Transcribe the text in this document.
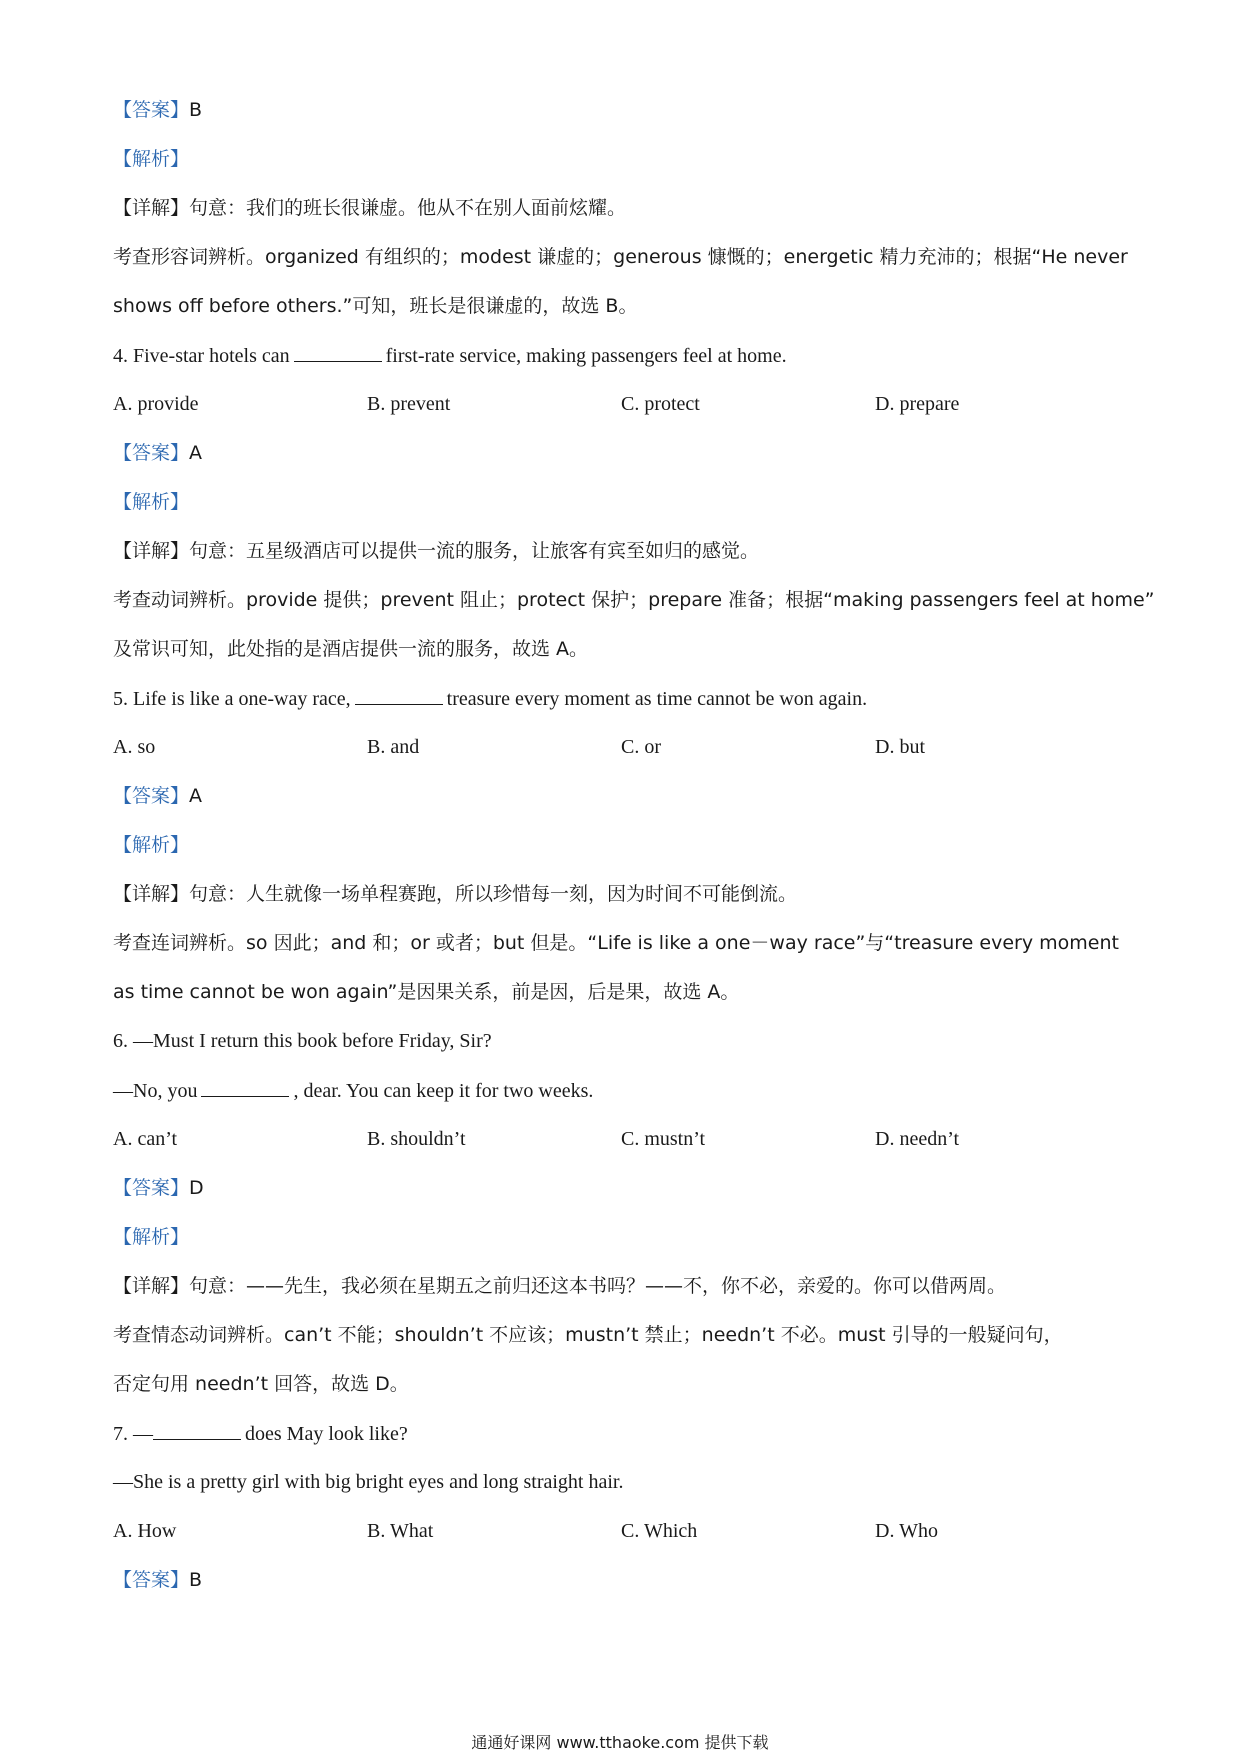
【答案】B
【解析】
【详解】句意：我们的班长很谦虚。他从不在别人面前炫耀。
考查形容词辨析。organized 有组织的；modest 谦虚的；generous 慷慨的；energetic 精力充沛的；根据“He never
shows off before others.”可知，班长是很谦虚的，故选 B。
4. Five-star hotels can	first-rate service, making passengers feel at home.
A. provide	B. prevent	C. protect	D. prepare
【答案】A
【解析】
【详解】句意：五星级酒店可以提供一流的服务，让旅客有宾至如归的感觉。
考查动词辨析。provide 提供；prevent 阻止；protect 保护；prepare 准备；根据“making passengers feel at home”
及常识可知，此处指的是酒店提供一流的服务，故选 A。
5. Life is like a one-way race,	treasure every moment as time cannot be won again.
A. so	B. and	C. or	D. but
【答案】A
【解析】
【详解】句意：人生就像一场单程赛跑，所以珍惜每一刻，因为时间不可能倒流。
考查连词辨析。so 因此；and 和；or 或者；but 但是。“Life is like a one－way race”与“treasure every moment
as time cannot be won again”是因果关系，前是因，后是果，故选 A。
6. —Must I return this book before Friday, Sir?
—No, you	, dear. You can keep it for two weeks.
A. can’t	B. shouldn’t	C. mustn’t	D. needn’t
【答案】D
【解析】
【详解】句意：——先生，我必须在星期五之前归还这本书吗？——不，你不必，亲爱的。你可以借两周。
考查情态动词辨析。can’t 不能；shouldn’t 不应该；mustn’t 禁止；needn’t 不必。must 引导的一般疑问句，
否定句用 needn’t 回答，故选 D。
7. —	does May look like?
—She is a pretty girl with big bright eyes and long straight hair.
A. How	B. What	C. Which	D. Who
【答案】B
通通好课网 www.tthaoke.com 提供下载
